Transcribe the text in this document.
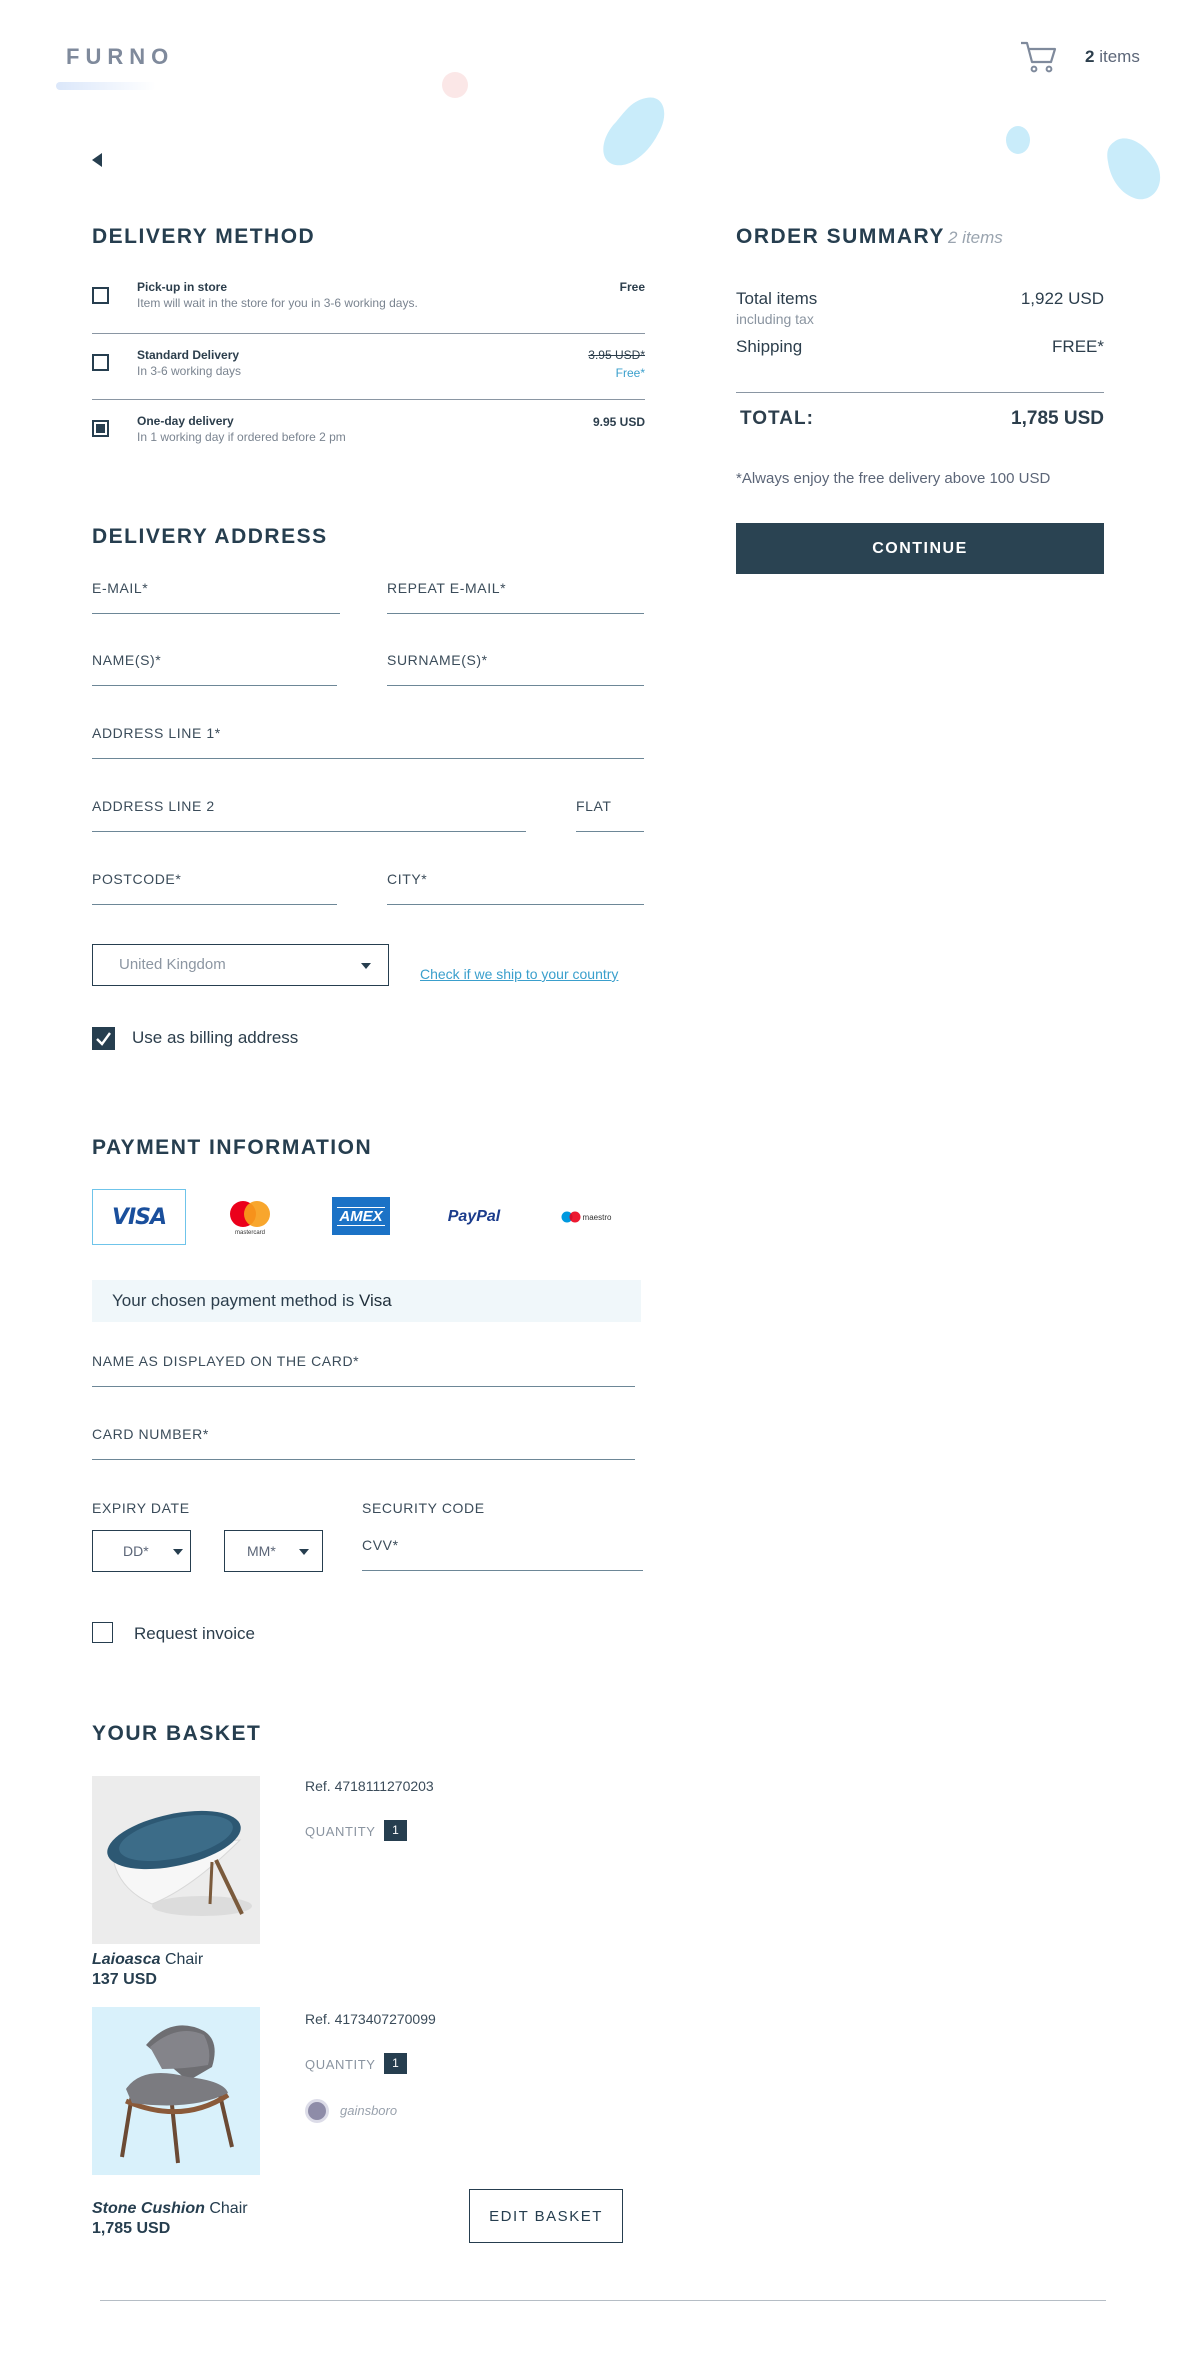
FURNO	2 items
DELIVERY METHOD
Pick-up in store
Item will wait in the store for you in 3-6 working days.
Free
Standard Delivery
In 3-6 working days
3.95 USD*
Free*
One-day delivery
In 1 working day if ordered before 2 pm
9.95 USD
DELIVERY ADDRESS
E-MAIL*	REPEAT E-MAIL*
NAME(S)*	SURNAME(S)*
ADDRESS LINE 1*
ADDRESS LINE 2	FLAT
POSTCODE*	CITY*
United Kingdom
Check if we ship to your country
Use as billing address
PAYMENT INFORMATION
VISA
mastercard
AMEX	PayPal	maestro
Your chosen payment method is Visa
NAME AS DISPLAYED ON THE CARD*
CARD NUMBER*
EXPIRY DATE	SECURITY CODE
DD*	MM*	CVV*
Request invoice
YOUR BASKET
Laioasca Chair
137 USD
Ref. 4718111270203
QUANTITY	1
Stone Cushion Chair
1,785 USD
Ref. 4173407270099
QUANTITY	1
gainsboro
EDIT BASKET
ORDER SUMMARY 2 items
Total items	1,922 USD
including tax
Shipping	FREE*
TOTAL:	1,785 USD
*Always enjoy the free delivery above 100 USD
CONTINUE
